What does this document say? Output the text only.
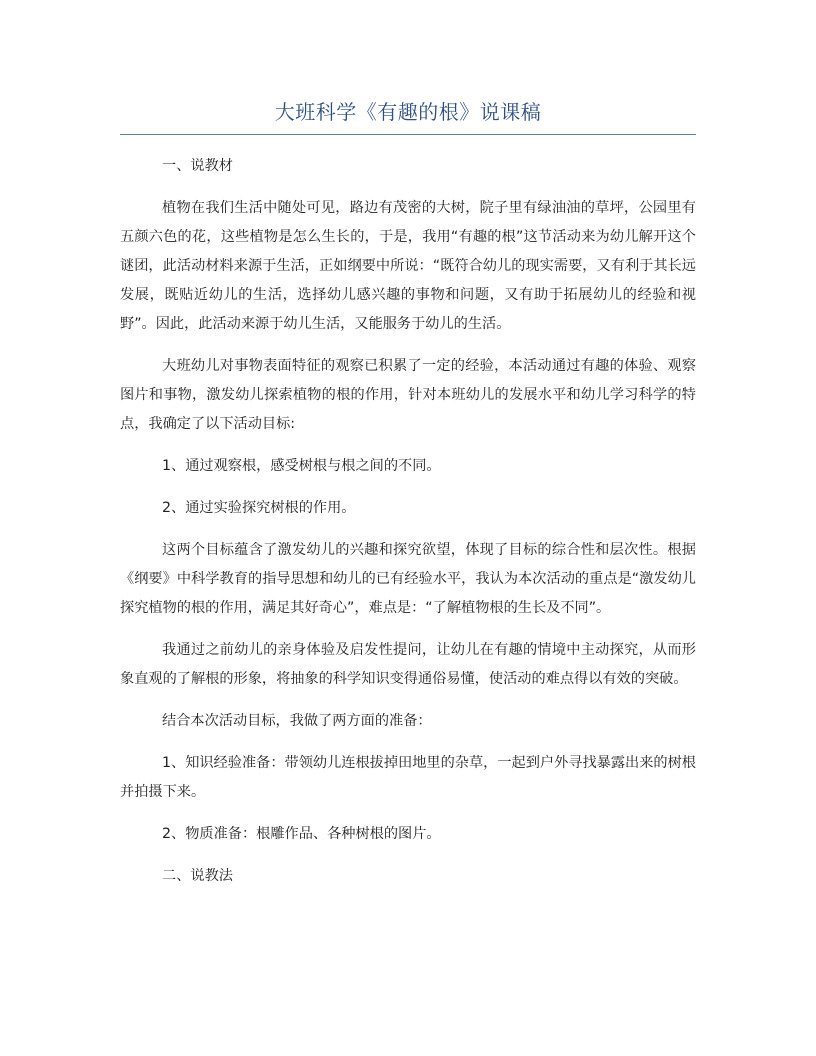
大班科学《有趣的根》说课稿

一、说教材

植物在我们生活中随处可见，路边有茂密的大树，院子里有绿油油的草坪，公园里有五颜六色的花，这些植物是怎么生长的，于是，我用“有趣的根”这节活动来为幼儿解开这个谜团，此活动材料来源于生活，正如纲要中所说：“既符合幼儿的现实需要，又有利于其长远发展，既贴近幼儿的生活，选择幼儿感兴趣的事物和问题，又有助于拓展幼儿的经验和视野”。因此，此活动来源于幼儿生活，又能服务于幼儿的生活。

大班幼儿对事物表面特征的观察已积累了一定的经验，本活动通过有趣的体验、观察图片和事物，激发幼儿探索植物的根的作用，针对本班幼儿的发展水平和幼儿学习科学的特点，我确定了以下活动目标:

1、通过观察根，感受树根与根之间的不同。

2、通过实验探究树根的作用。

这两个目标蕴含了激发幼儿的兴趣和探究欲望，体现了目标的综合性和层次性。根据《纲要》中科学教育的指导思想和幼儿的已有经验水平，我认为本次活动的重点是“激发幼儿探究植物的根的作用，满足其好奇心”，难点是：“了解植物根的生长及不同”。

我通过之前幼儿的亲身体验及启发性提问，让幼儿在有趣的情境中主动探究，从而形象直观的了解根的形象，将抽象的科学知识变得通俗易懂，使活动的难点得以有效的突破。

结合本次活动目标，我做了两方面的准备：

1、知识经验准备：带领幼儿连根拔掉田地里的杂草，一起到户外寻找暴露出来的树根并拍摄下来。

2、物质准备：根雕作品、各种树根的图片。

二、说教法
